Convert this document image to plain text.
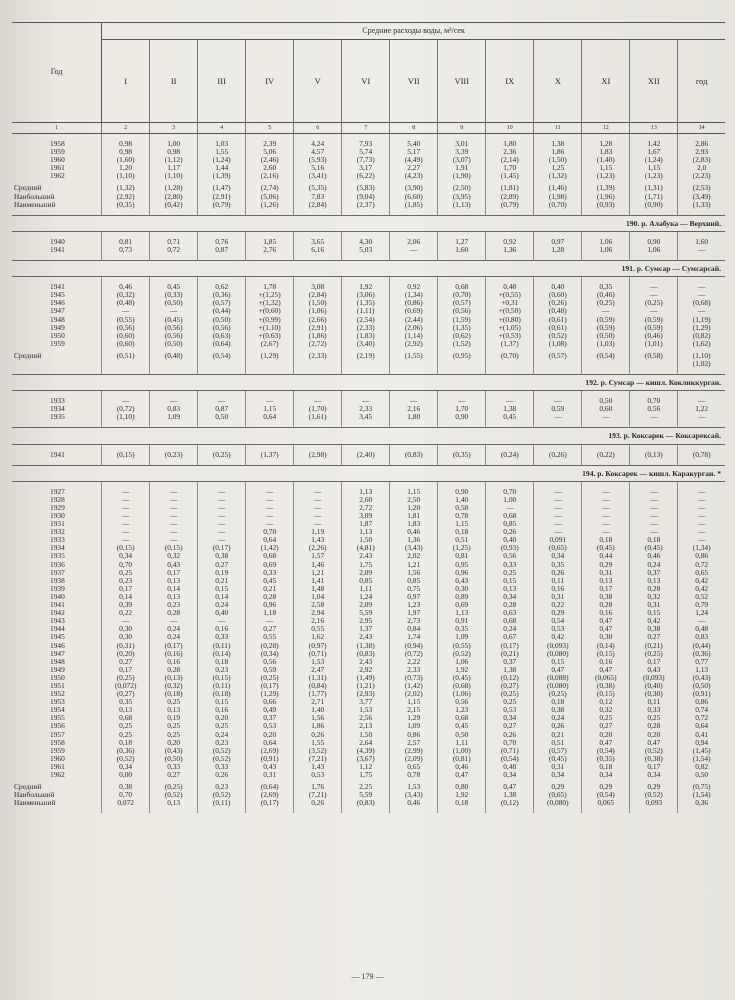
Год	Средние расходы воды, м³/сек												
	I	II	III	IV	V	VI	VII	VIII	IX	X	XI	XII	год
1	2	3	4	5	6	7	8	9	10	11	12	13	14

1958	0,98	1,00	1,03	2,39	4,24	7,93	5,40	3,01	1,80	1,38	1,28	1,42	2,86
1959	0,98	0,98	1,55	5,06	4,57	5,74	5,17	3,39	2,36	1,86	1,83	1,67	2,93
1960	(1,60)	(1,12)	(1,24)	(2,46)	(5,93)	(7,73)	(4,49)	(3,07)	(2,14)	(1,50)	(1,40)	(1,24)	(2,83)
1961	1,20	1,17	1,44	2,60	5,16	3,17	2,27	1,91	1,70	1,25	1,15	1,15	2,0
1962	(1,10)	(1,10)	(1,39)	(2,16)	(3,41)	(6,22)	(4,23)	(1,90)	(1,45)	(1,32)	(1,23)	(1,23)	(2,23)

Средний	(1,32)	(1,28)	(1,47)	(2,74)	(5,35)	(5,83)	(3,90)	(2,50)	(1,81)	(1,46)	(1,39)	(1,31)	(2,53)
Наибольший	(2,92)	(2,80)	(2,91)	(5,06)	7,83	(9,04)	(6,60)	(3,95)	(2,89)	(1,98)	(1,96)	(1,71)	(3,49)
Наименьший	(0,35)	(0,42)	(0,79)	(1,26)	(2,84)	(2,37)	(1,85)	(1,13)	(0,79)	(0,70)	(0,93)	(0,90)	(1,33)

190. р. Алабука — Верхний.													

1940	0,81	0,71	0,76	1,85	3,65	4,30	2,06	1,27	0,92	0,97	1,06	0,90	1,60
1941	0,73	0,72	0,87	2,76	6,16	5,03	—	1,60	1,36	1,28	1,06	1,06	—

191. р. Сумсар — Сумсарсай.													

1941	0,46	0,45	0,62	1,78	3,08	1,92	0,92	0,68	0,48	0,40	0,35	—	—
1945	(0,32)	(0,33)	(0,36)	+(1,25)	(2,84)	(3,06)	(1,34)	(0,70)	+(0,55)	(0,60)	(0,46)	—	—
1946	(0,48)	(0,50)	(0,57)	+(1,32)	(1,50)	(1,35)	(0,86)	(0,57)	+0,31	(0,26)	(0,25)	(0,25)	(0,68)
1947	—	—	(0,44)	+(0,60)	(1,06)	(1,11)	(0,69)	(0,56)	+(0,50)	(0,48)	—	—	—
1948	(0,55)	(0,45)	(0,50)	+(0,99)	(2,66)	(2,54)	(2,44)	(1,59)	+(0,80)	(0,61)	(0,59)	(0,59)	(1,19)
1949	(0,56)	(0,56)	(0,56)	+(1,10)	(2,91)	(2,33)	(2,06)	(1,35)	+(1,05)	(0,61)	(0,59)	(0,59)	(1,29)
1950	(0,60)	(0,56)	(0,63)	+(0,63)	(1,86)	(1,83)	(1,14)	(0,62)	+(0,53)	(0,52)	(0,50)	(0,46)	(0,82)
1959	(0,60)	(0,50)	(0,64)	(2,67)	(2,72)	(3,40)	(2,92)	(1,52)	(1,37)	(1,08)	(1,03)	(1,01)	(1,62)

Средний	(0,51)	(0,48)	(0,54)	(1,29)	(2,33)	(2,19)	(1,55)	(0,95)	(0,70)	(0,57)	(0,54)	(0,58)	(1,10)
													(1,02)

192. р. Сумсар — кишл. Кокликкурган.													

1933	—	—	—	—	—	—	—	—	—	—	0,50	0,70	—
1934	(0,72)	0,83	0,87	1,15	(1,70)	2,33	2,16	1,70	1,38	0,59	0,60	0,56	1,22
1935	(1,10)	1,09	0,50	0,64	(1,61)	3,45	1,80	0,90	0,45	—	—	—	—

193. р. Коксарек — Коксарексай.													

1941	(0,15)	(0,23)	(0,25)	(1,37)	(2,98)	(2,40)	(0,83)	(0,35)	(0,24)	(0,26)	(0,22)	(0,13)	(0,78)

194. р. Коксарек — кишл. Каракурган. *													

1927	—	—	—	—	—	1,13	1,15	0,90	0,70	—	—	—	—
1928	—	—	—	—	—	2,60	2,50	1,40	1,00	—	—	—	—
1929	—	—	—	—	—	2,72	1,20	0,58	—	—	—	—	—
1930	—	—	—	—	—	3,09	1,81	0,78	0,68	—	—	—	—
1931	—	—	—	—	—	1,87	1,83	1,15	0,85	—	—	—	—
1932	—	—	—	0,70	1,19	1,13	0,46	0,18	0,26	—	—	—	—
1933	—	—	—	0,64	1,43	1,50	1,36	0,51	0,40	0,091	0,18	0,18	—
1934	(0,15)	(0,15)	(0,17)	(1,42)	(2,26)	(4,81)	(3,43)	(1,25)	(0,93)	(0,65)	(0,45)	(0,45)	(1,34)
1935	0,34	0,32	0,38	0,68	1,57	2,43	2,02	0,81	0,56	0,34	0,44	0,46	0,86
1936	0,70	0,43	0,27	0,69	1,46	1,75	1,21	0,95	0,33	0,35	0,29	0,24	0,72
1937	0,25	0,17	0,19	0,33	1,21	2,09	1,56	0,96	0,25	0,26	0,31	0,37	0,65
1938	0,23	0,13	0,21	0,45	1,41	0,85	0,85	0,43	0,15	0,11	0,13	0,13	0,42
1939	0,17	0,14	0,15	0,21	1,48	1,11	0,75	0,30	0,13	0,16	0,17	0,28	0,42
1940	0,14	0,13	0,14	0,28	1,04	1,24	0,97	0,89	0,34	0,31	0,38	0,32	0,52
1941	0,39	0,23	0,24	0,96	2,58	2,09	1,23	0,69	0,28	0,22	0,28	0,31	0,79
1942	0,22	0,28	0,40	1,18	2,94	5,59	1,97	1,13	0,63	0,29	0,16	0,15	1,24
1943	—	—	—	—	2,16	2,95	2,73	0,91	0,68	0,54	0,47	0,42	—
1944	0,30	0,24	0,16	0,27	0,55	1,37	0,84	0,35	0,24	0,53	0,47	0,38	0,48
1945	0,30	0,24	0,33	0,55	1,62	2,43	1,74	1,09	0,67	0,42	0,30	0,27	0,83
1946	(0,31)	(0,17)	(0,11)	(0,28)	(0,97)	(1,38)	(0,94)	(0,55)	(0,17)	(0,093)	(0,14)	(0,21)	(0,44)
1947	(0,20)	(0,16)	(0,14)	(0,34)	(0,71)	(0,83)	(0,72)	(0,52)	(0,21)	(0,080)	(0,15)	(0,25)	(0,36)
1948	0,27	0,16	0,18	0,56	1,53	2,43	2,22	1,06	0,37	0,15	0,16	0,17	0,77
1949	0,17	0,28	0,23	0,59	2,47	2,92	2,33	1,92	1,38	0,47	0,47	0,43	1,13
1950	(0,25)	(0,13)	(0,15)	(0,25)	(1,31)	(1,49)	(0,73)	(0,45)	(0,12)	(0,088)	(0,065)	(0,093)	(0,43)
1951	(0,072)	(0,32)	(0,11)	(0,17)	(0,84)	(1,21)	(1,42)	(0,68)	(0,27)	(0,080)	(0,38)	(0,40)	(0,50)
1952	(0,27)	(0,18)	(0,18)	(1,29)	(1,77)	(2,93)	(2,02)	(1,06)	(0,25)	(0,25)	(0,15)	(0,30)	(0,91)
1953	0,35	0,25	0,15	0,66	2,71	3,77	1,15	0,56	0,25	0,18	0,12	0,11	0,86
1954	0,13	0,13	0,16	0,49	1,40	1,53	2,15	1,23	0,53	0,38	0,32	0,33	0,74
1955	0,68	0,19	0,20	0,37	1,56	2,56	1,29	0,68	0,34	0,24	0,25	0,25	0,72
1956	0,25	0,25	0,25	0,53	1,86	2,13	1,09	0,45	0,27	0,26	0,27	0,28	0,64
1957	0,25	0,25	0,24	0,20	0,26	1,50	0,86	0,50	0,26	0,21	0,20	0,20	0,41
1958	0,18	0,20	0,23	0,64	1,55	2,64	2,57	1,11	0,70	0,51	0,47	0,47	0,94
1959	(0,36)	(0,43)	(0,52)	(2,69)	(3,52)	(4,39)	(2,99)	(1,00)	(0,71)	(0,57)	(0,54)	(0,52)	(1,45)
1960	(0,52)	(0,50)	(0,52)	(0,91)	(7,21)	(3,67)	(2,09)	(0,81)	(0,54)	(0,45)	(0,35)	(0,38)	(1,54)
1961	0,34	0,33	0,33	0,43	1,43	1,12	0,65	0,46	0,48	0,31	0,18	0,17	0,82
1962	0,00	0,27	0,26	0,31	0,53	1,75	0,78	0,47	0,34	0,34	0,34	0,34	0,50

Средний	0,38	(0,25)	0,23	(0,64)	1,76	2,25	1,53	0,80	0,47	0,29	0,29	0,29	(0,75)
Наибольший	0,70	(0,52)	(0,52)	(2,69)	(7,21)	5,59	(3,43)	1,92	1,38	(0,65)	(0,54)	(0,52)	(1,54)
Наименьший	0,072	0,13	(0,11)	(0,17)	0,26	(0,83)	0,46	0,18	(0,12)	(0,080)	0,065	0,093	0,36

— 179 —
